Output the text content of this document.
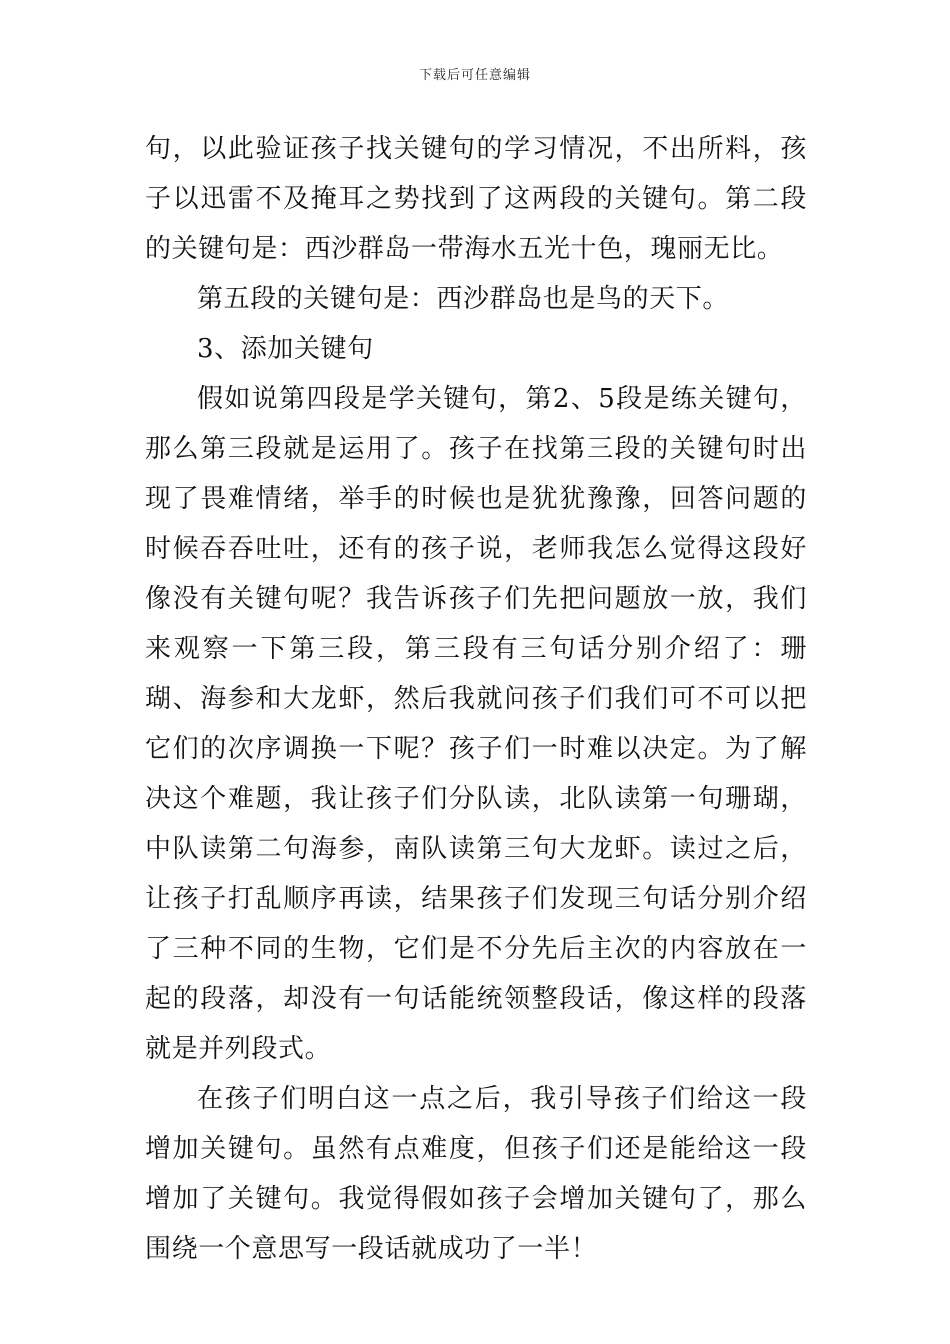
下载后可任意编辑

句，以此验证孩子找关键句的学习情况，不出所料，孩子以迅雷不及掩耳之势找到了这两段的关键句。第二段的关键句是：西沙群岛一带海水五光十色，瑰丽无比。

第五段的关键句是：西沙群岛也是鸟的天下。

3、添加关键句

假如说第四段是学关键句，第2、5段是练关键句，那么第三段就是运用了。孩子在找第三段的关键句时出现了畏难情绪，举手的时候也是犹犹豫豫，回答问题的时候吞吞吐吐，还有的孩子说，老师我怎么觉得这段好像没有关键句呢？我告诉孩子们先把问题放一放，我们来观察一下第三段，第三段有三句话分别介绍了：珊瑚、海参和大龙虾，然后我就问孩子们我们可不可以把它们的次序调换一下呢？孩子们一时难以决定。为了解决这个难题，我让孩子们分队读，北队读第一句珊瑚，中队读第二句海参，南队读第三句大龙虾。读过之后，让孩子打乱顺序再读，结果孩子们发现三句话分别介绍了三种不同的生物，它们是不分先后主次的内容放在一起的段落，却没有一句话能统领整段话，像这样的段落就是并列段式。

在孩子们明白这一点之后，我引导孩子们给这一段增加关键句。虽然有点难度，但孩子们还是能给这一段增加了关键句。我觉得假如孩子会增加关键句了，那么围绕一个意思写一段话就成功了一半！
